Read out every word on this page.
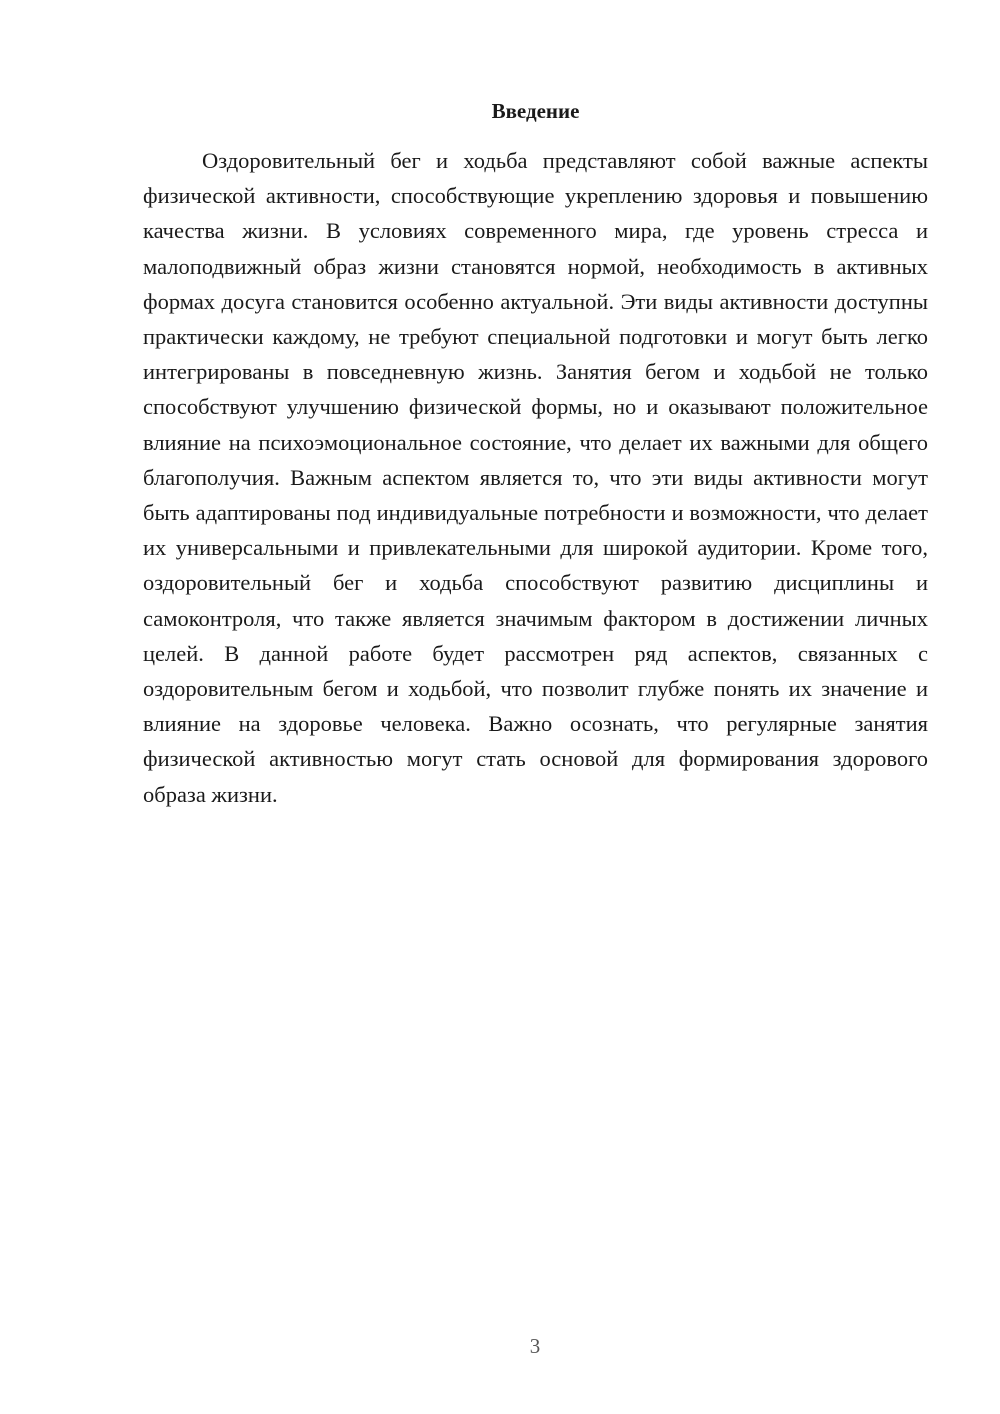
Введение

Оздоровительный бег и ходьба представляют собой важные аспекты физической активности, способствующие укреплению здоровья и повышению качества жизни. В условиях современного мира, где уровень стресса и малоподвижный образ жизни становятся нормой, необходимость в активных формах досуга становится особенно актуальной. Эти виды активности доступны практически каждому, не требуют специальной подготовки и могут быть легко интегрированы в повседневную жизнь. Занятия бегом и ходьбой не только способствуют улучшению физической формы, но и оказывают положительное влияние на психоэмоциональное состояние, что делает их важными для общего благополучия. Важным аспектом является то, что эти виды активности могут быть адаптированы под индивидуальные потребности и возможности, что делает их универсальными и привлекательными для широкой аудитории. Кроме того, оздоровительный бег и ходьба способствуют развитию дисциплины и самоконтроля, что также является значимым фактором в достижении личных целей. В данной работе будет рассмотрен ряд аспектов, связанных с оздоровительным бегом и ходьбой, что позволит глубже понять их значение и влияние на здоровье человека. Важно осознать, что регулярные занятия физической активностью могут стать основой для формирования здорового образа жизни.

3
